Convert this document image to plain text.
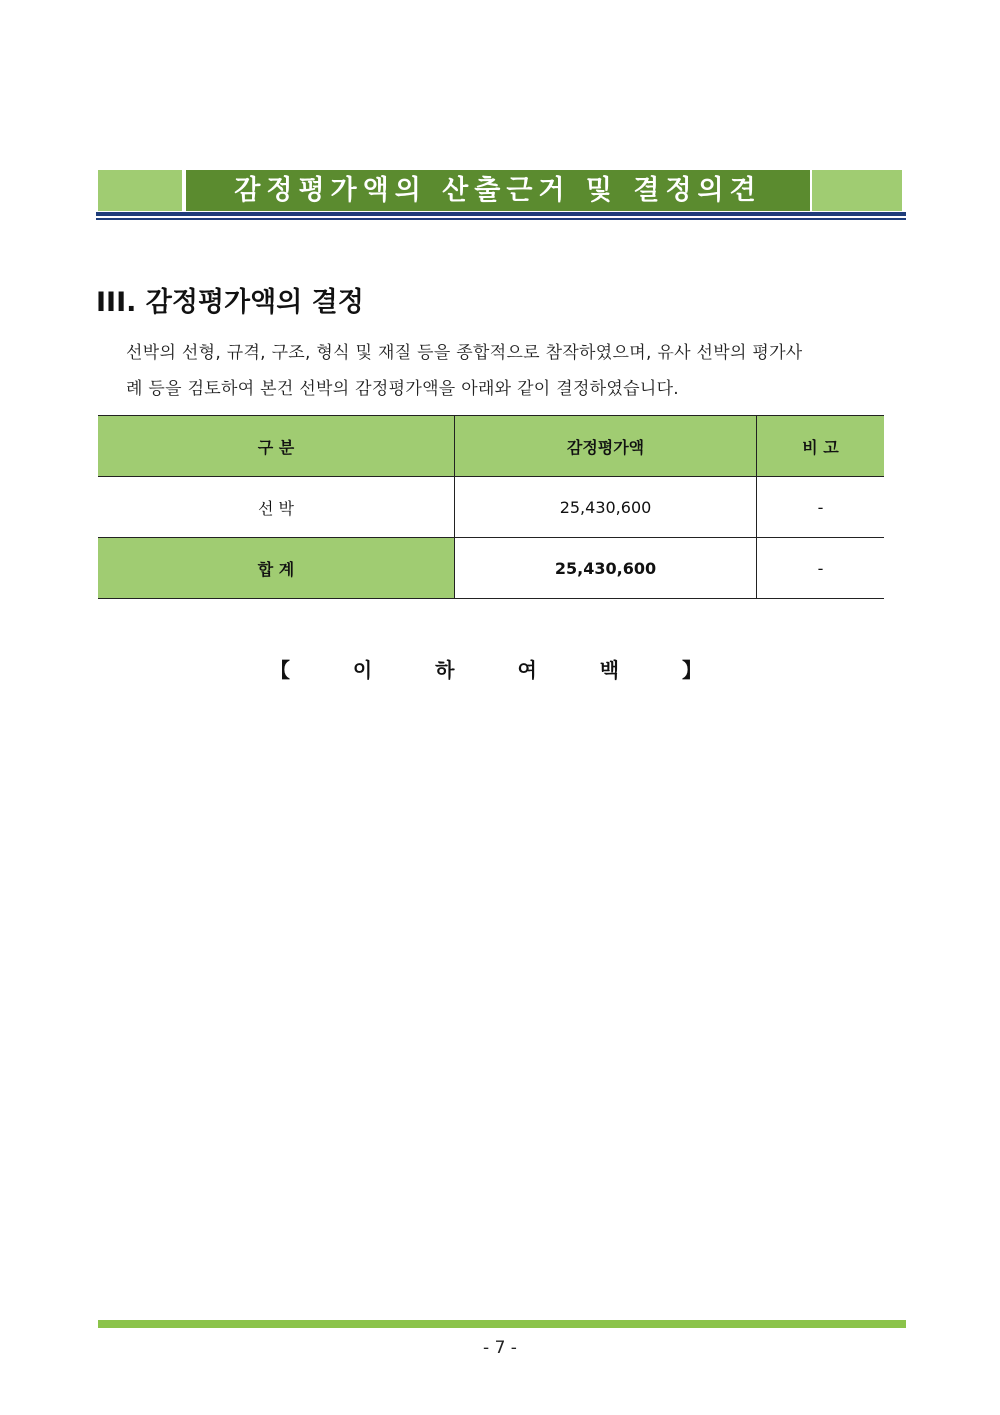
감정평가액의 산출근거 및 결정의견
III. 감정평가액의 결정
선박의 선형, 규격, 구조, 형식 및 재질 등을 종합적으로 참작하였으며, 유사 선박의 평가사
례 등을 검토하여 본건 선박의 감정평가액을 아래와 같이 결정하였습니다.
구 분	감정평가액	비 고
선 박	25,430,600	-
합 계	25,430,600	-
【 이 하 여 백 】
- 7 -
